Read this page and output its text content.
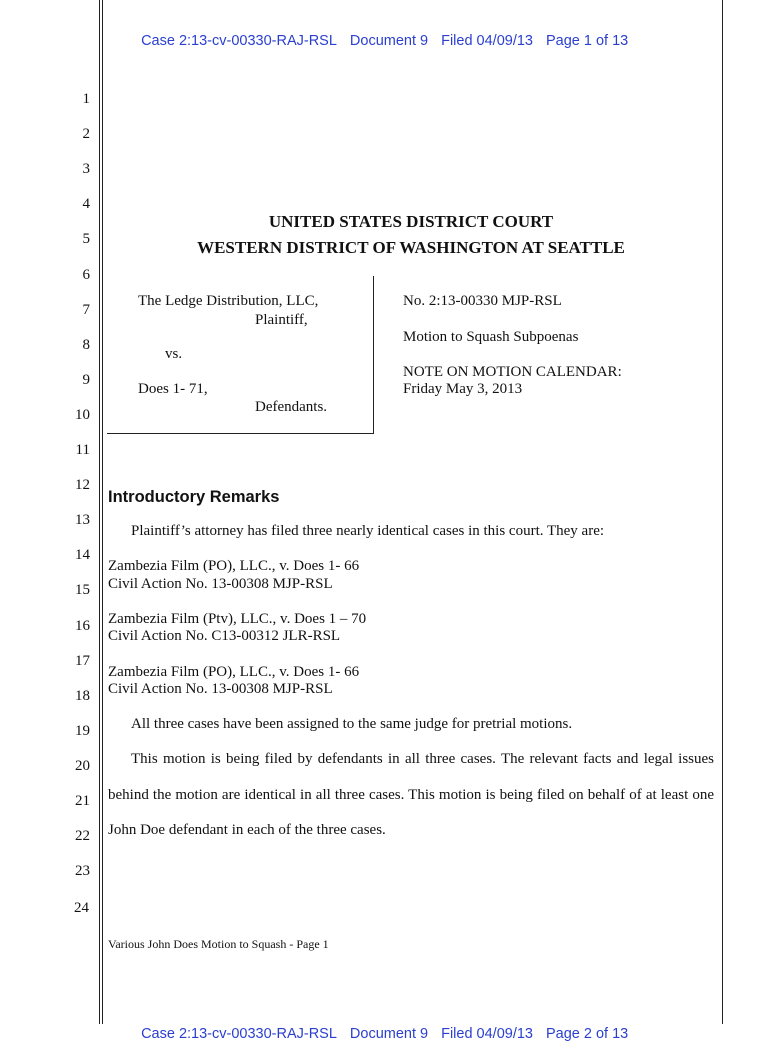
Case 2:13-cv-00330-RAJ-RSL Document 9 Filed 04/09/13 Page 1 of 13

1
2
3
4
5
6
7
8
9
10
11
12
13
14
15
16
17
18
19
20
21
22
23
24
UNITED STATES DISTRICT COURT
WESTERN DISTRICT OF WASHINGTON AT SEATTLE
The Ledge Distribution, LLC,
Plaintiff,
vs.
Does 1- 71,
Defendants.
No. 2:13-00330 MJP-RSL
Motion to Squash Subpoenas
NOTE ON MOTION CALENDAR:
Friday May 3, 2013
Introductory Remarks
Plaintiff’s attorney has filed three nearly identical cases in this court. They are:
Zambezia Film (PO), LLC., v. Does 1- 66
Civil Action No. 13-00308 MJP-RSL
Zambezia Film (Ptv), LLC., v. Does 1 – 70
Civil Action No. C13-00312 JLR-RSL
Zambezia Film (PO), LLC., v. Does 1- 66
Civil Action No. 13-00308 MJP-RSL
All three cases have been assigned to the same judge for pretrial motions.
This motion is being filed by defendants in all three cases. The relevant facts and legal issues
behind the motion are identical in all three cases. This motion is being filed on behalf of at least one
John Doe defendant in each of the three cases.
Various John Does Motion to Squash - Page 1

Case 2:13-cv-00330-RAJ-RSL Document 9 Filed 04/09/13 Page 2 of 13
